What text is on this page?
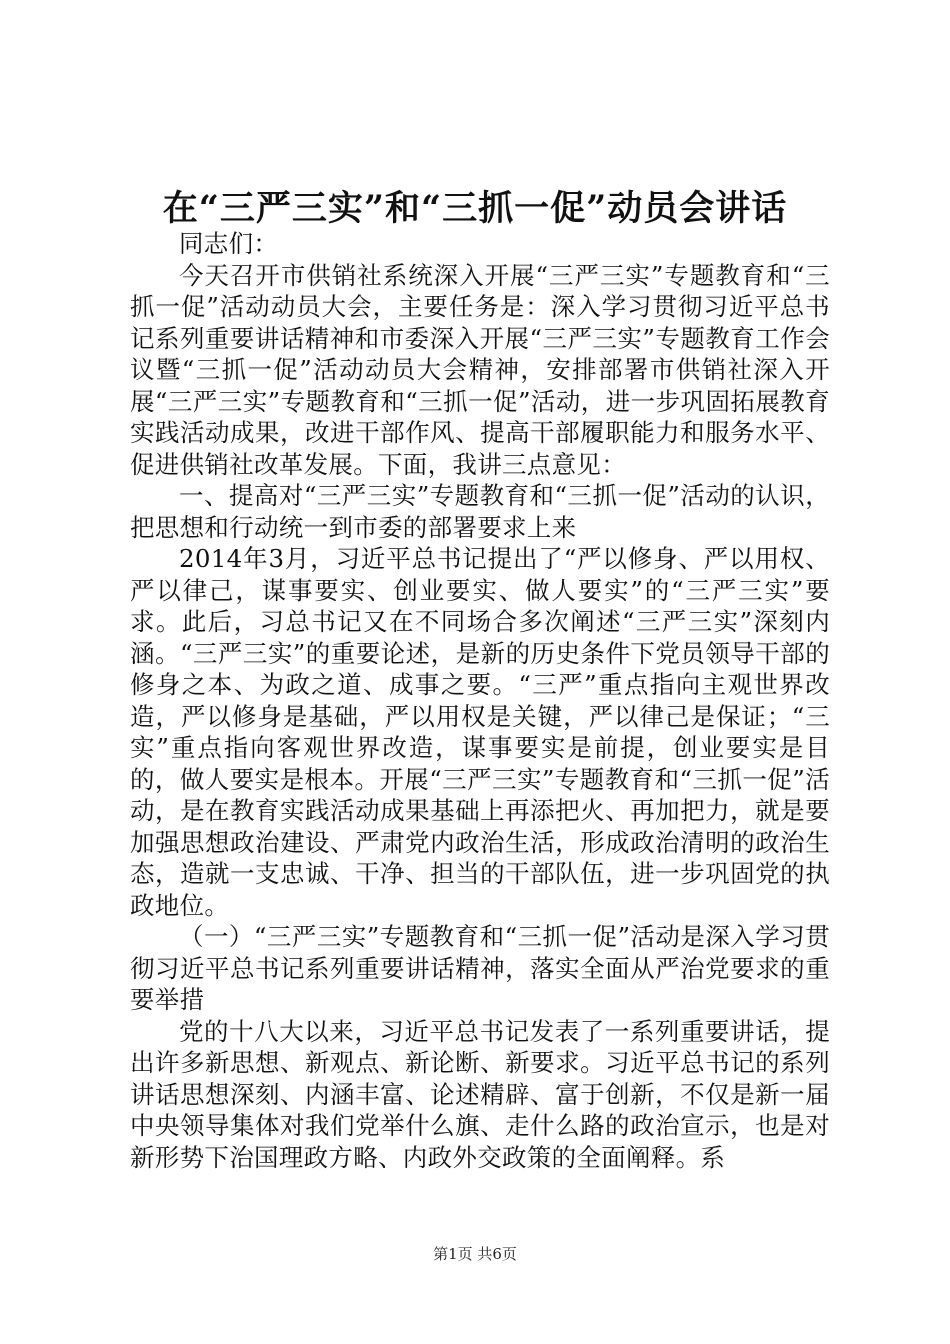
在“三严三实”和“三抓一促”动员会讲话

同志们：

今天召开市供销社系统深入开展“三严三实”专题教育和“三抓一促”活动动员大会，主要任务是：深入学习贯彻习近平总书记系列重要讲话精神和市委深入开展“三严三实”专题教育工作会议暨“三抓一促”活动动员大会精神，安排部署市供销社深入开展“三严三实”专题教育和“三抓一促”活动，进一步巩固拓展教育实践活动成果，改进干部作风、提高干部履职能力和服务水平、促进供销社改革发展。下面，我讲三点意见：

一、提高对“三严三实”专题教育和“三抓一促”活动的认识，把思想和行动统一到市委的部署要求上来

2014年3月，习近平总书记提出了“严以修身、严以用权、严以律己，谋事要实、创业要实、做人要实”的“三严三实”要求。此后，习总书记又在不同场合多次阐述“三严三实”深刻内涵。“三严三实”的重要论述，是新的历史条件下党员领导干部的修身之本、为政之道、成事之要。“三严”重点指向主观世界改造，严以修身是基础，严以用权是关键，严以律己是保证；“三实”重点指向客观世界改造，谋事要实是前提，创业要实是目的，做人要实是根本。开展“三严三实”专题教育和“三抓一促”活动，是在教育实践活动成果基础上再添把火、再加把力，就是要加强思想政治建设、严肃党内政治生活，形成政治清明的政治生态，造就一支忠诚、干净、担当的干部队伍，进一步巩固党的执政地位。

（一）“三严三实”专题教育和“三抓一促”活动是深入学习贯彻习近平总书记系列重要讲话精神，落实全面从严治党要求的重要举措

党的十八大以来，习近平总书记发表了一系列重要讲话，提出许多新思想、新观点、新论断、新要求。习近平总书记的系列讲话思想深刻、内涵丰富、论述精辟、富于创新，不仅是新一届中央领导集体对我们党举什么旗、走什么路的政治宣示，也是对新形势下治国理政方略、内政外交政策的全面阐释。系

第1页 共6页
